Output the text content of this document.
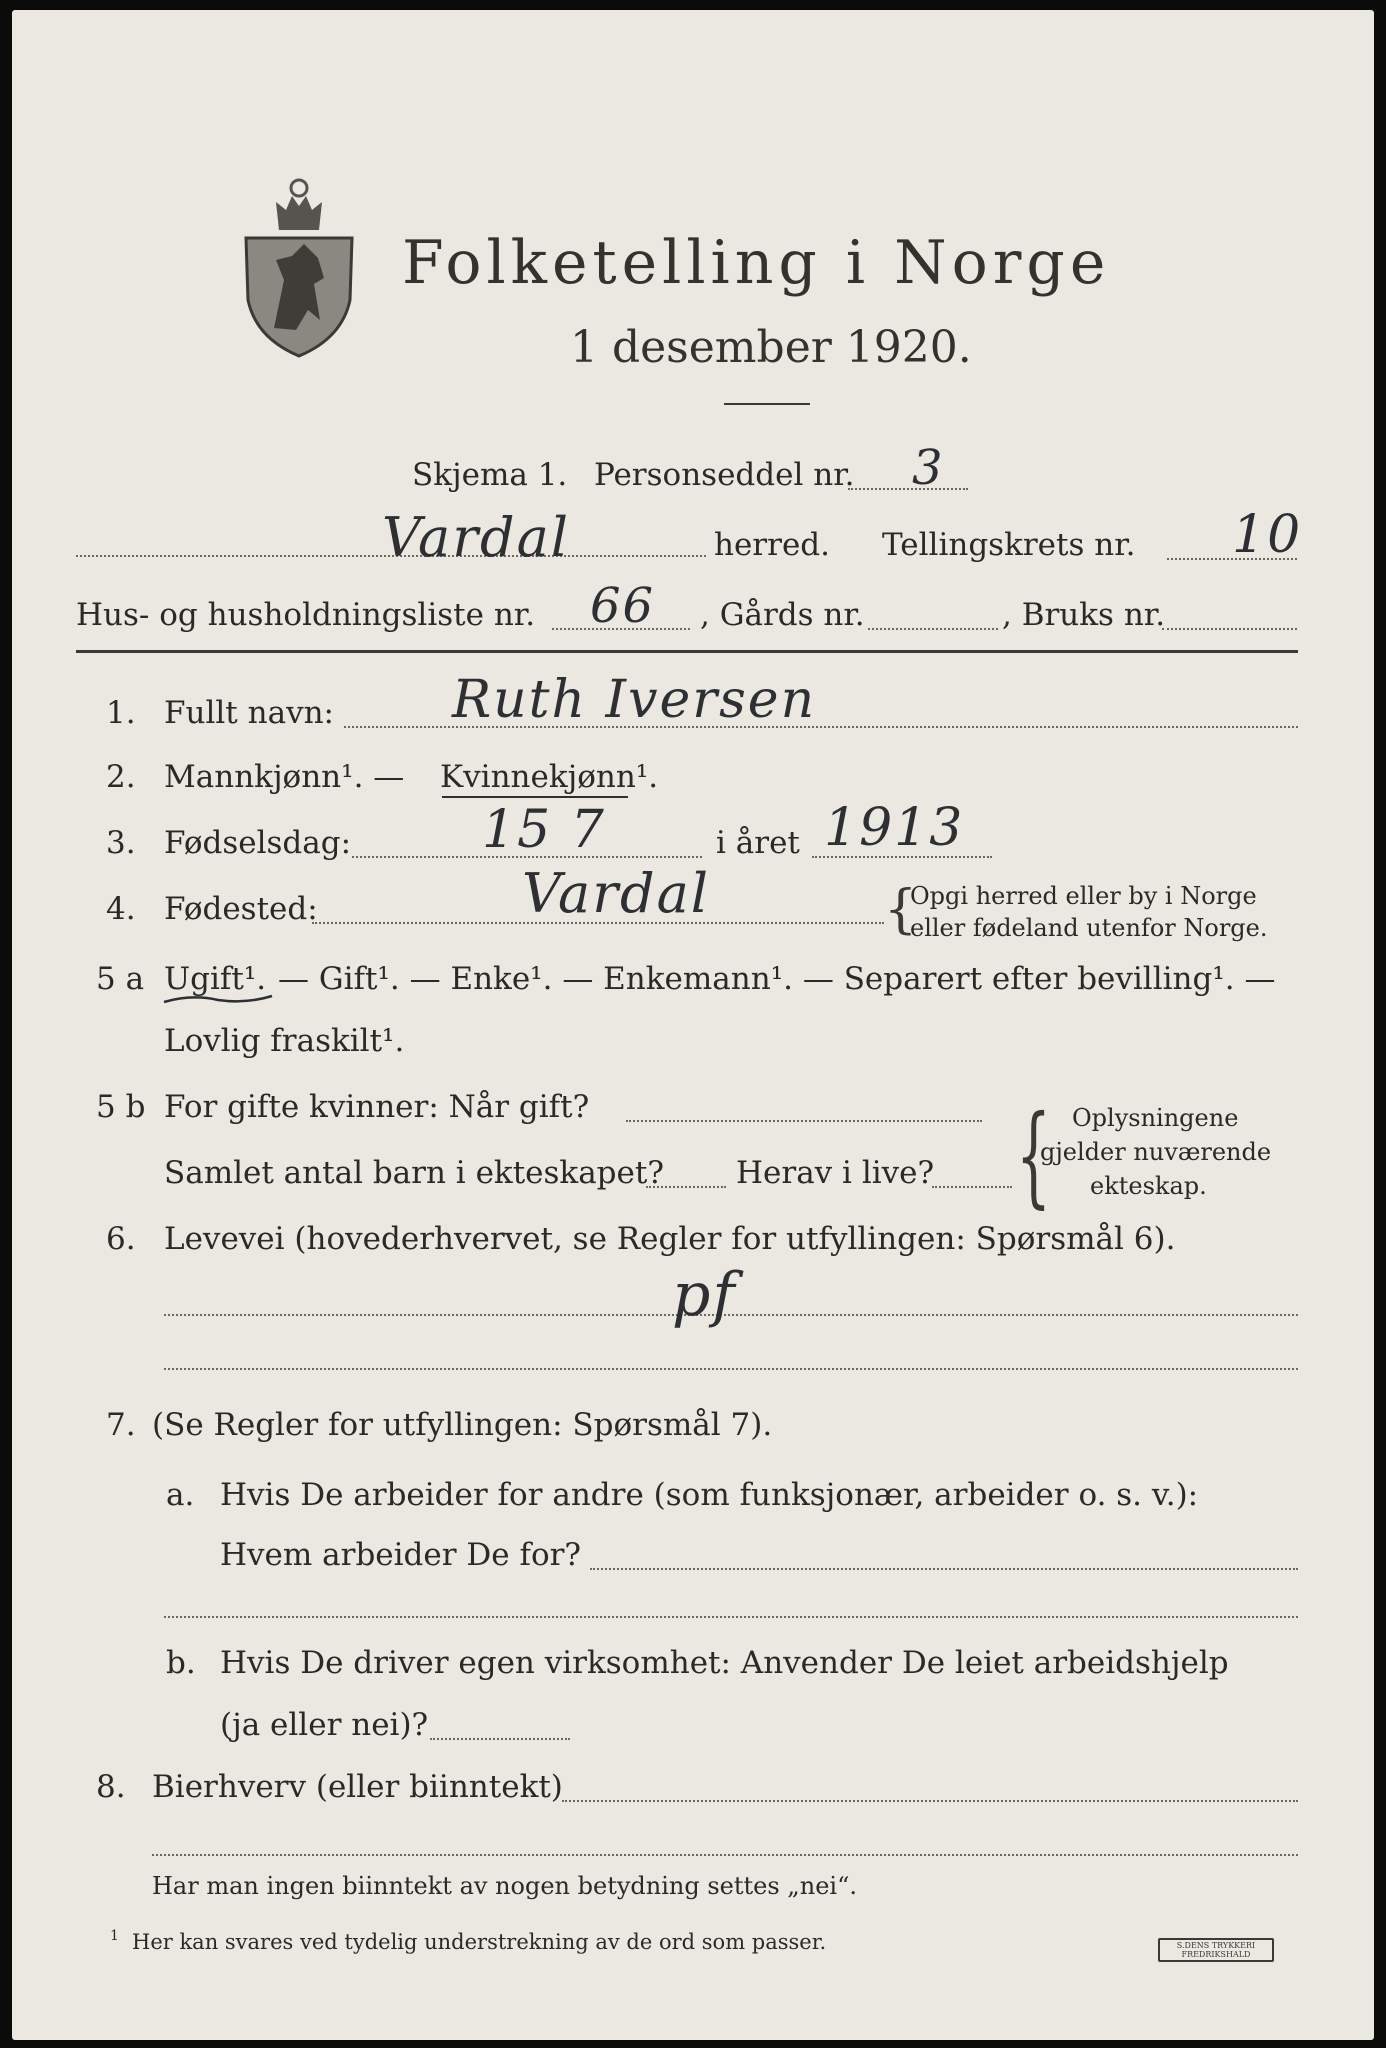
Folketelling i Norge
1 desember 1920.
Skjema 1. Personseddel nr. 3
Vardal	herred. Tellingskrets nr. 10
Hus- og husholdningsliste nr. 66 , Gårds nr.	, Bruks nr.
1. Fullt navn: Ruth Iversen
2. Mannkjønn¹. — Kvinnekjønn¹.
3. Fødselsdag:	15 7	i året 1913
4. Fødested:	Vardal	{
Opgi herred eller by i Norge
eller fødeland utenfor Norge.
5 a Ugift¹. — Gift¹. — Enke¹. — Enkemann¹. — Separert efter bevilling¹. —
Lovlig fraskilt¹.
5 b For gifte kvinner: Når gift?
Samlet antal barn i ekteskapet? Herav i live? { Oplysningene
gjelder nuværende
ekteskap.
6. Levevei (hovederhvervet, se Regler for utfyllingen: Spørsmål 6).
pf
7. (Se Regler for utfyllingen: Spørsmål 7).
a. Hvis De arbeider for andre (som funksjonær, arbeider o. s. v.):
Hvem arbeider De for?
b. Hvis De driver egen virksomhet: Anvender De leiet arbeidshjelp
(ja eller nei)?
8. Bierhverv (eller biinntekt)
Har man ingen biinntekt av nogen betydning settes „nei“.
1 Her kan svares ved tydelig understrekning av de ord som passer.	S.DENS TRYKKERI
FREDRIKSHALD
